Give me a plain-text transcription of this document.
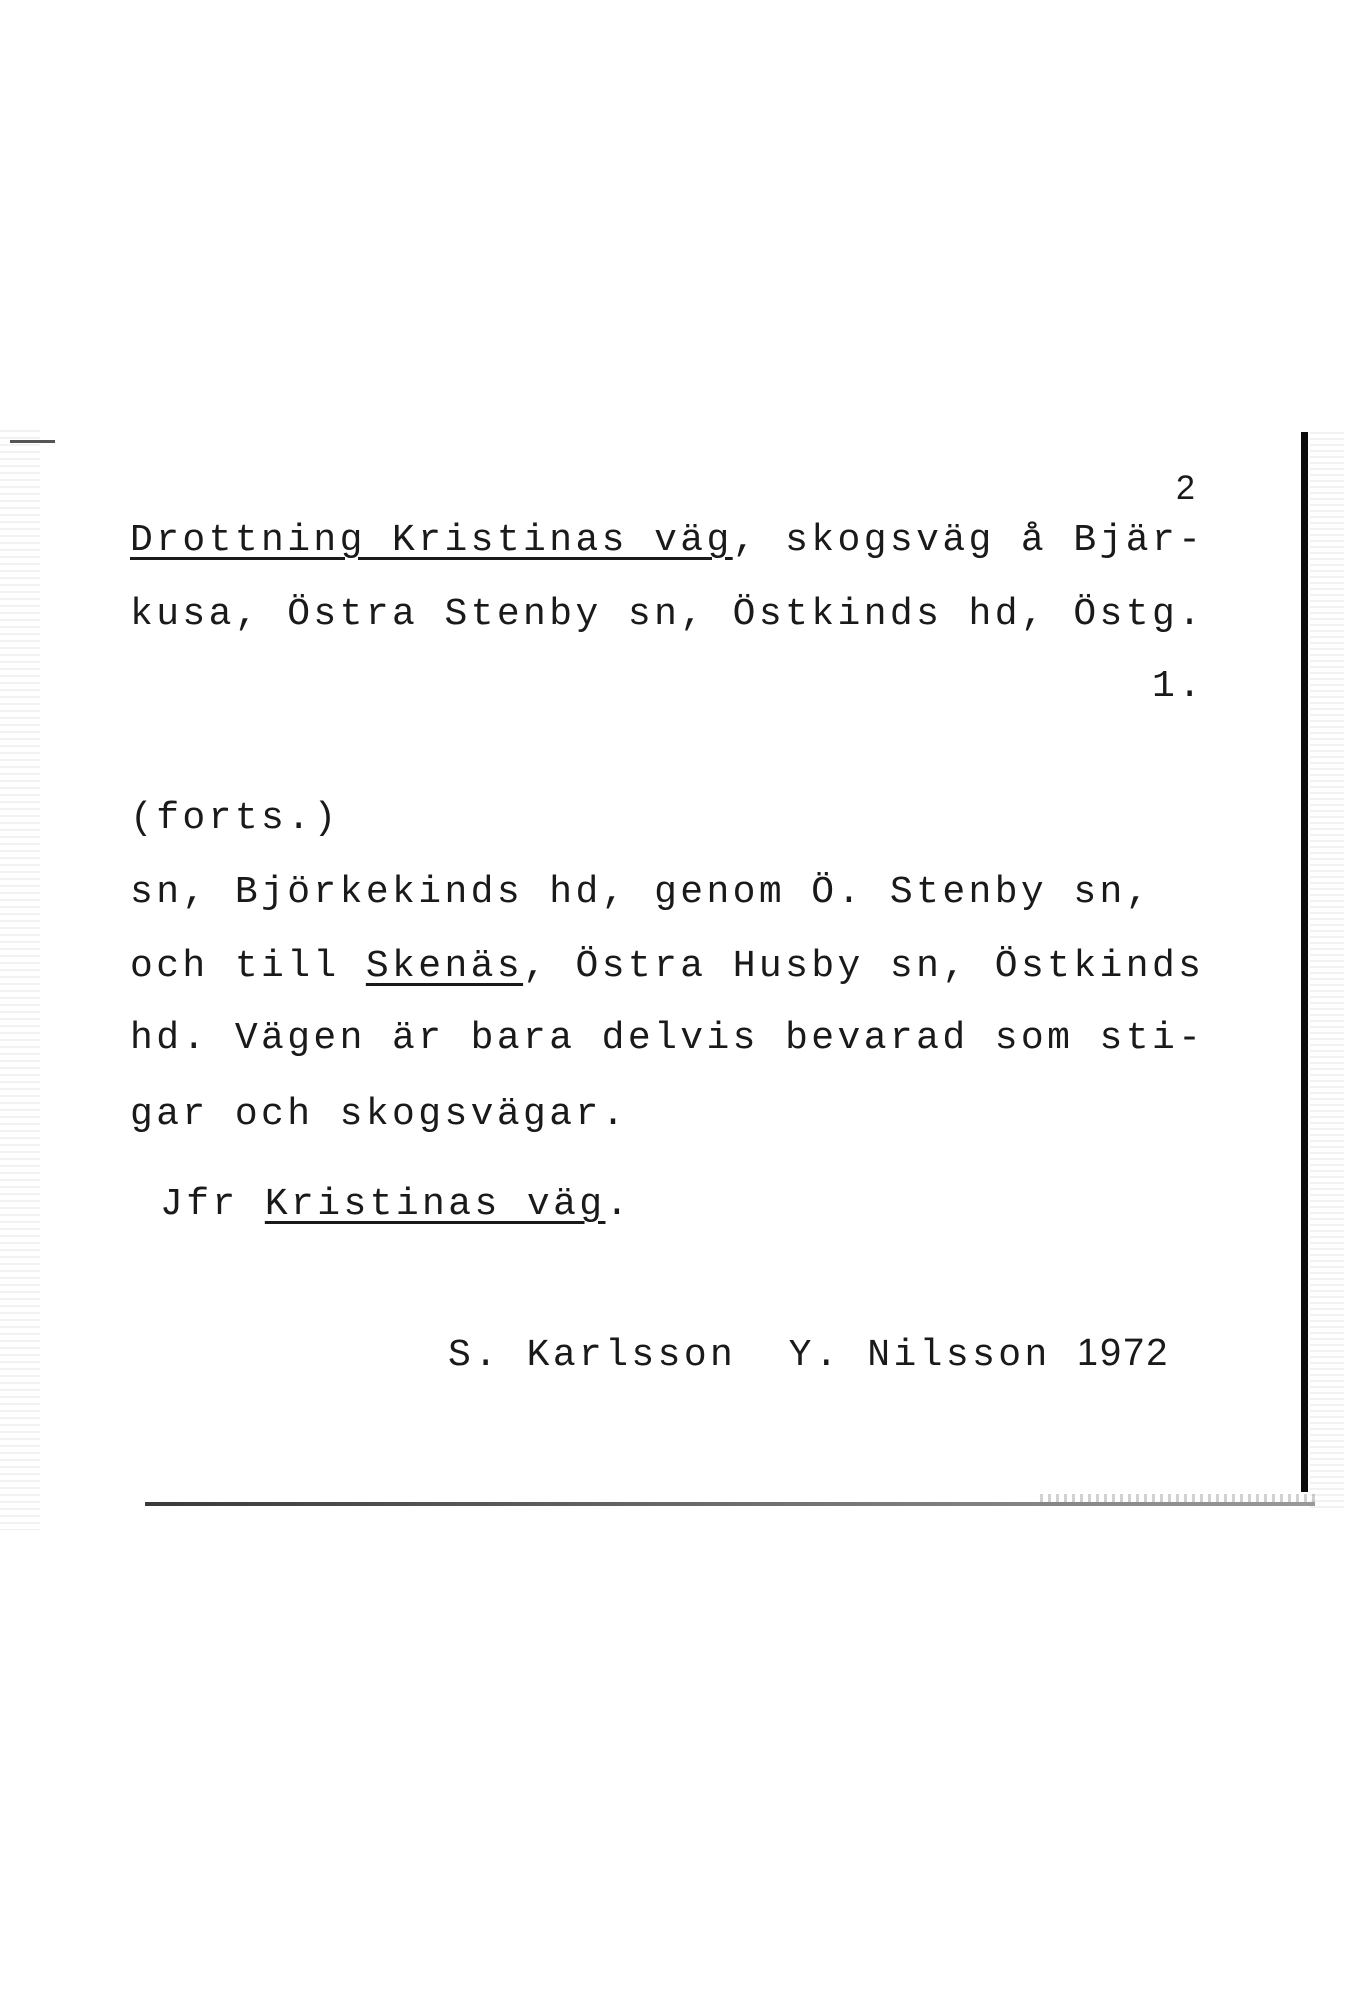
2
Drottning Kristinas väg, skogsväg å Bjär-
kusa, Östra Stenby sn, Östkinds hd, Östg.
1.
(forts.)
sn, Björkekinds hd, genom Ö. Stenby sn,
och till Skenäs, Östra Husby sn, Östkinds
hd. Vägen är bara delvis bevarad som sti-
gar och skogsvägar.
Jfr Kristinas väg.
S. Karlsson  Y. Nilsson 1972
